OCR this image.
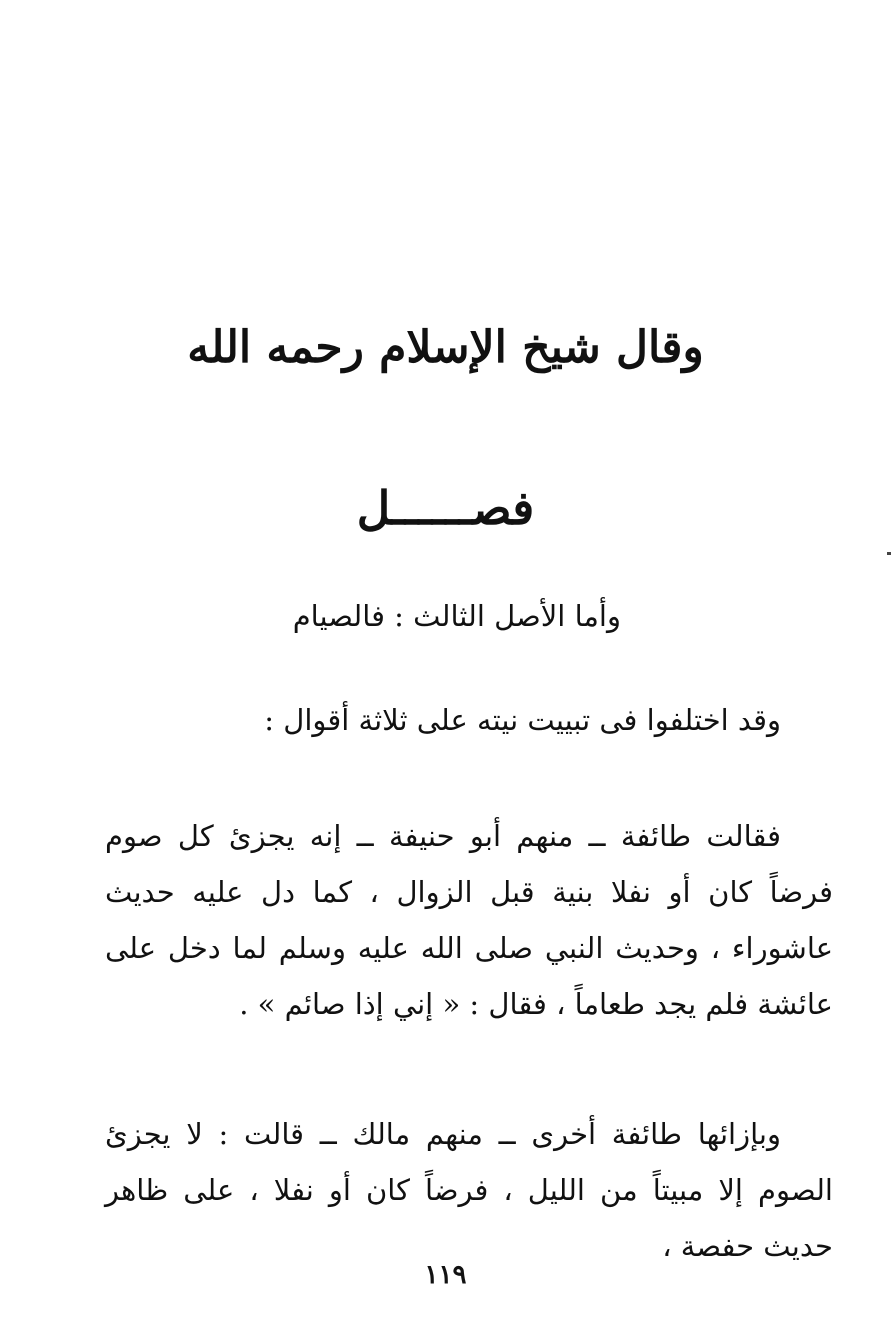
وقال شيخ الإسلام رحمه الله
فصــــــل
وأما الأصل الثالث : فالصيام
وقد اختلفوا فى تبييت نيته على ثلاثة أقوال :
فقالت طائفة ــ منهم أبو حنيفة ــ إنه يجزئ كل صوم فرضاً كان أو نفلا بنية قبل الزوال ، كما دل عليه حديث عاشوراء ، وحديث النبي صلى الله عليه وسلم لما دخل على عائشة فلم يجد طعاماً ، فقال : « إني إذا صائم » .
وبإزائها طائفة أخرى ــ منهم مالك ــ قالت : لا يجزئ الصوم إلا مبيتاً من الليل ، فرضاً كان أو نفلا ، على ظاهر حديث حفصة ،
١١٩
